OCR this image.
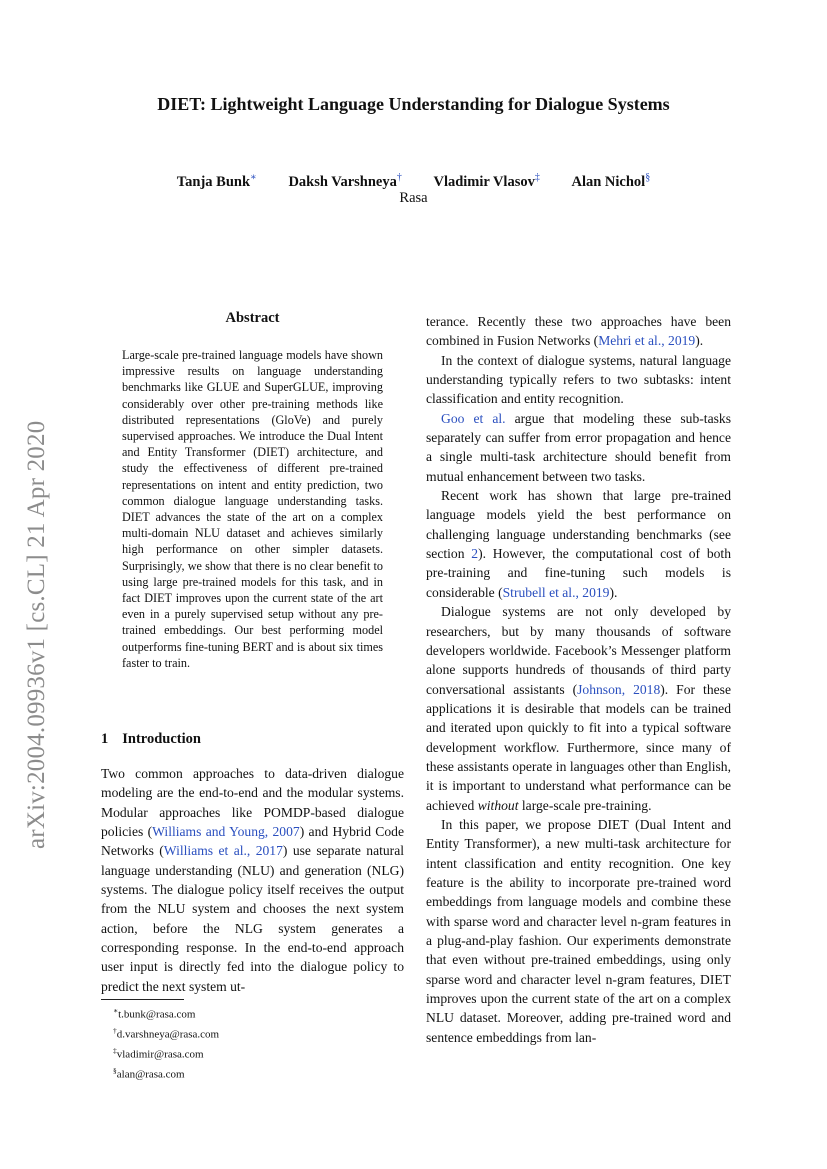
DIET: Lightweight Language Understanding for Dialogue Systems
Tanja Bunk∗ Daksh Varshneya† Vladimir Vlasov‡ Alan Nichol§
Rasa
arXiv:2004.09936v1 [cs.CL] 21 Apr 2020
Abstract
Large-scale pre-trained language models have shown impressive results on language understanding benchmarks like GLUE and SuperGLUE, improving considerably over other pre-training methods like distributed representations (GloVe) and purely supervised approaches. We introduce the Dual Intent and Entity Transformer (DIET) architecture, and study the effectiveness of different pre-trained representations on intent and entity prediction, two common dialogue language understanding tasks. DIET advances the state of the art on a complex multi-domain NLU dataset and achieves similarly high performance on other simpler datasets. Surprisingly, we show that there is no clear benefit to using large pre-trained models for this task, and in fact DIET improves upon the current state of the art even in a purely supervised setup without any pre-trained embeddings. Our best performing model outperforms fine-tuning BERT and is about six times faster to train.
1 Introduction

Two common approaches to data-driven dialogue modeling are the end-to-end and the modular systems. Modular approaches like POMDP-based dialogue policies (Williams and Young, 2007) and Hybrid Code Networks (Williams et al., 2017) use separate natural language understanding (NLU) and generation (NLG) systems. The dialogue policy itself receives the output from the NLU system and chooses the next system action, before the NLG system generates a corresponding response. In the end-to-end approach user input is directly fed into the dialogue policy to predict the next system ut-

terance. Recently these two approaches have been combined in Fusion Networks (Mehri et al., 2019).

In the context of dialogue systems, natural language understanding typically refers to two subtasks: intent classification and entity recognition.

Goo et al. argue that modeling these sub-tasks separately can suffer from error propagation and hence a single multi-task architecture should benefit from mutual enhancement between two tasks.

Recent work has shown that large pre-trained language models yield the best performance on challenging language understanding benchmarks (see section 2). However, the computational cost of both pre-training and fine-tuning such models is considerable (Strubell et al., 2019).

Dialogue systems are not only developed by researchers, but by many thousands of software developers worldwide. Facebook’s Messenger platform alone supports hundreds of thousands of third party conversational assistants (Johnson, 2018). For these applications it is desirable that models can be trained and iterated upon quickly to fit into a typical software development workflow. Furthermore, since many of these assistants operate in languages other than English, it is important to understand what performance can be achieved without large-scale pre-training.

In this paper, we propose DIET (Dual Intent and Entity Transformer), a new multi-task architecture for intent classification and entity recognition. One key feature is the ability to incorporate pre-trained word embeddings from language models and combine these with sparse word and character level n-gram features in a plug-and-play fashion. Our experiments demonstrate that even without pre-trained embeddings, using only sparse word and character level n-gram features, DIET improves upon the current state of the art on a complex NLU dataset. Moreover, adding pre-trained word and sentence embeddings from lan-

∗t.bunk@rasa.com
†d.varshneya@rasa.com
‡vladimir@rasa.com
§alan@rasa.com
